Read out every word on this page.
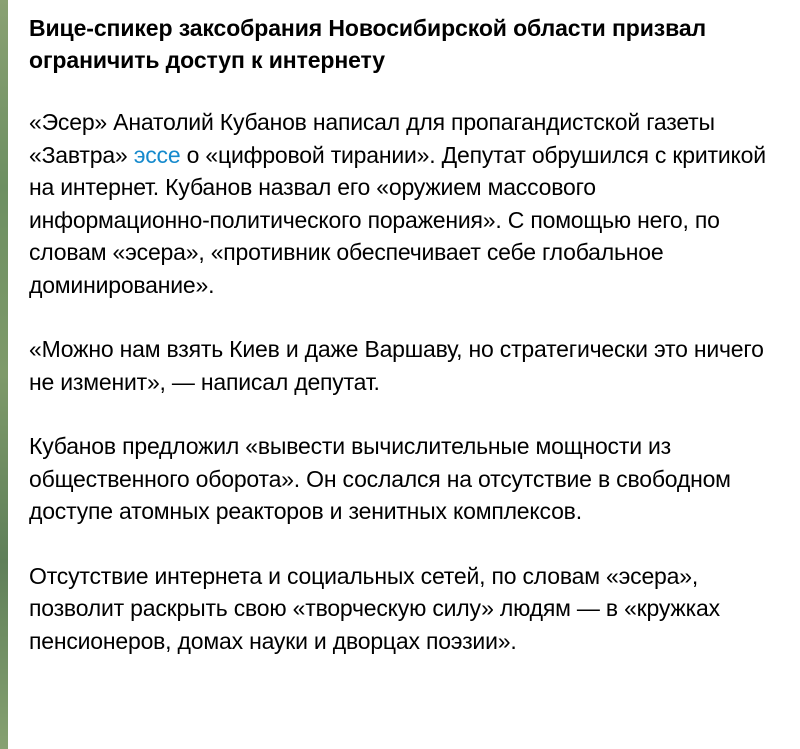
Вице-спикер заксобрания Новосибирской области призвал ограничить доступ к интернету
«Эсер» Анатолий Кубанов написал для пропагандистской газеты «Завтра» эссе о «цифровой тирании». Депутат обрушился с критикой на интернет. Кубанов назвал его «оружием массового информационно-политического поражения». С помощью него, по словам «эсера», «противник обеспечивает себе глобальное доминирование».
«Можно нам взять Киев и даже Варшаву, но стратегически это ничего не изменит», — написал депутат.
Кубанов предложил «вывести вычислительные мощности из общественного оборота». Он сослался на отсутствие в свободном доступе атомных реакторов и зенитных комплексов.
Отсутствие интернета и социальных сетей, по словам «эсера», позволит раскрыть свою «творческую силу» людям — в «кружках пенсионеров, домах науки и дворцах поэзии».
